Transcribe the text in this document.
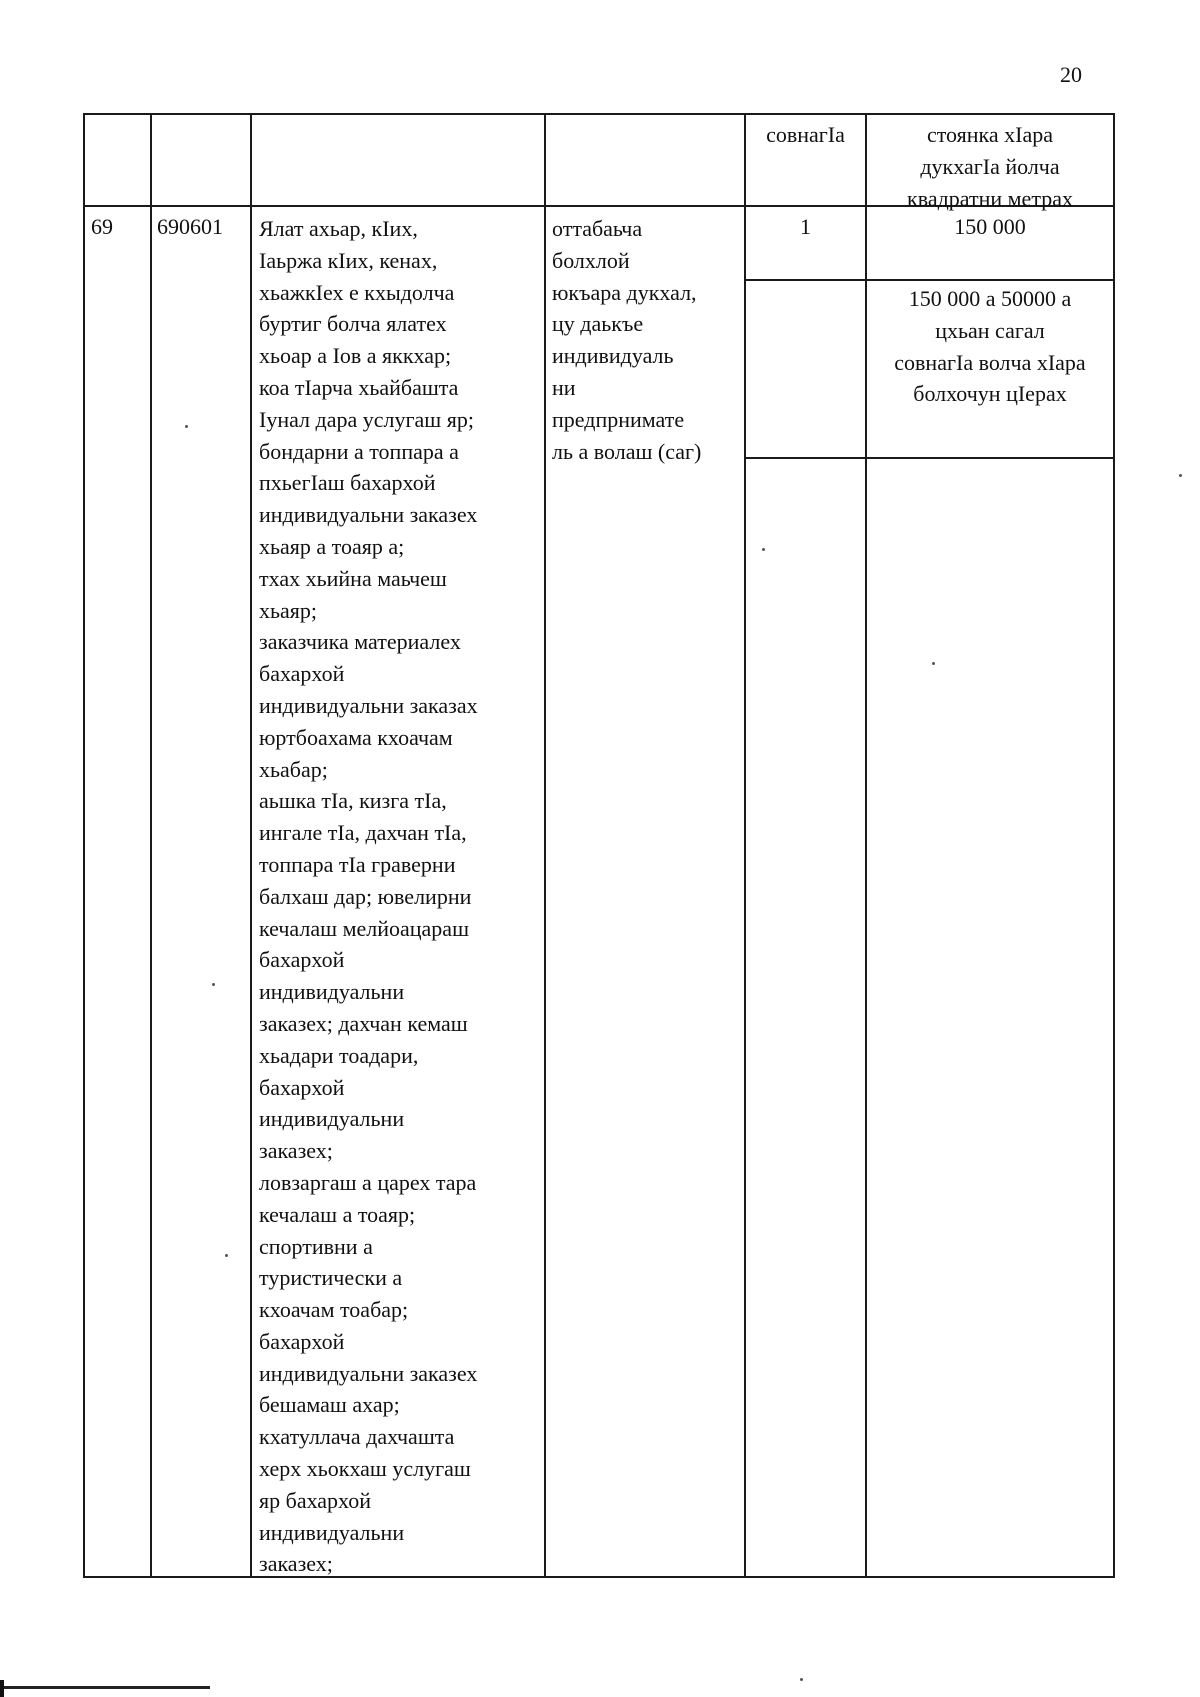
20
совнагIа	стоянка хIара
дукхагIа йолча
квадратни метрах
69 690601 Ялат ахьар, кIих,
Iаьржа кIих, кенах,
хьажкIех е кхыдолча
буртиг болча ялатех
хьоар а Iов а яккхар;
коа тIарча хьайбашта
Iунал дара услугаш яр;
бондарни а топпара а
пхьегIаш бахархой
индивидуальни заказех
хьаяр а тоаяр а;
тхах хьийна маьчеш
хьаяр;
заказчика материалех
бахархой
индивидуальни заказах
юртбоахама кхоачам
хьабар;
аьшка тIа, кизга тIа,
ингале тIа, дахчан тIа,
топпара тIа граверни
балхаш дар; ювелирни
кечалаш мелйоацараш
бахархой
индивидуальни
заказех; дахчан кемаш
хьадари тоадари,
бахархой
индивидуальни
заказех;
ловзаргаш а царех тара
кечалаш а тоаяр;
спортивни а
туристически а
кхоачам тоабар;
бахархой
индивидуальни заказех
бешамаш ахар;
кхатуллача дахчашта
херх хьокхаш услугаш
яр бахархой
индивидуальни
заказех;
оттабаьча
болхлой
юкъара дукхал,
цу даькъе
индивидуаль
ни
предпрнимате
ль а волаш (саг)
1	150 000
150 000 а 50000 а
цхьан сагал
совнагIа волча хIара
болхочун цIерах
